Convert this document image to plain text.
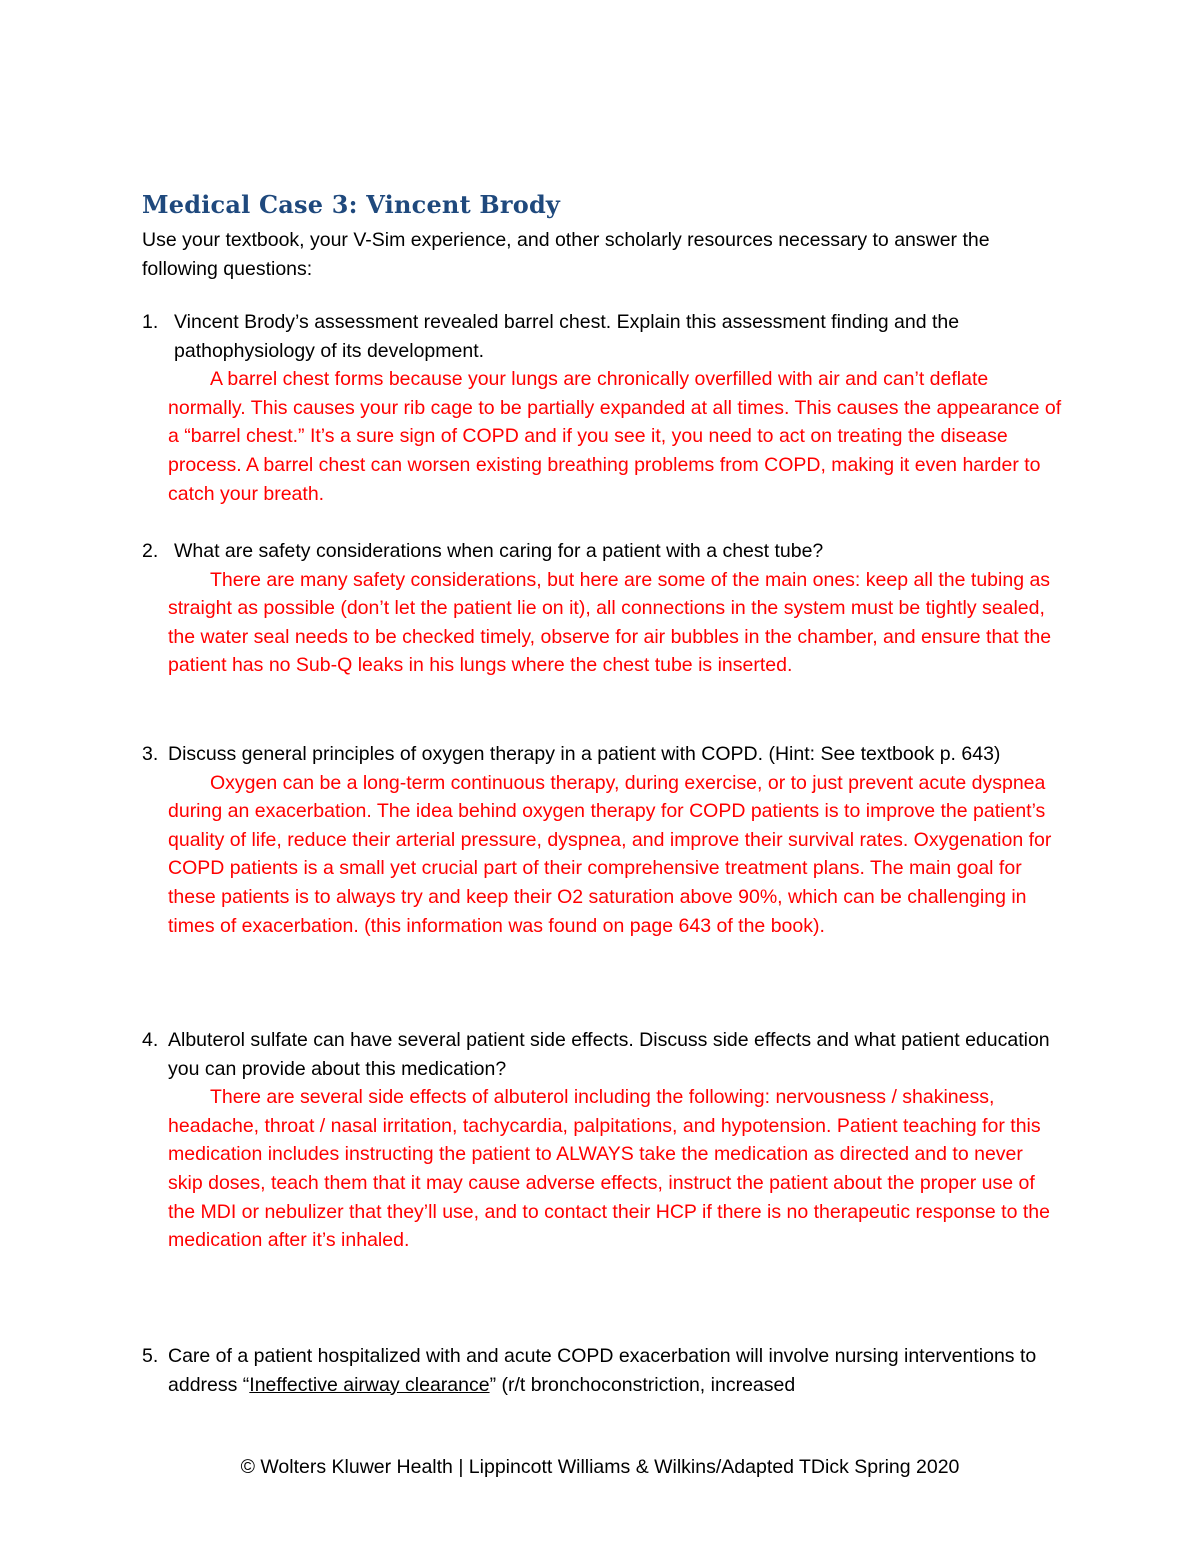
Medical Case 3: Vincent Brody
Use your textbook, your V-Sim experience, and other scholarly resources necessary to answer the following questions:
1. Vincent Brody’s assessment revealed barrel chest. Explain this assessment finding and the pathophysiology of its development.
A barrel chest forms because your lungs are chronically overfilled with air and can’t deflate normally. This causes your rib cage to be partially expanded at all times. This causes the appearance of a “barrel chest.” It’s a sure sign of COPD and if you see it, you need to act on treating the disease process. A barrel chest can worsen existing breathing problems from COPD, making it even harder to catch your breath.
2. What are safety considerations when caring for a patient with a chest tube?
There are many safety considerations, but here are some of the main ones: keep all the tubing as straight as possible (don’t let the patient lie on it), all connections in the system must be tightly sealed, the water seal needs to be checked timely, observe for air bubbles in the chamber, and ensure that the patient has no Sub-Q leaks in his lungs where the chest tube is inserted.
3. Discuss general principles of oxygen therapy in a patient with COPD. (Hint: See textbook p. 643)
Oxygen can be a long-term continuous therapy, during exercise, or to just prevent acute dyspnea during an exacerbation. The idea behind oxygen therapy for COPD patients is to improve the patient’s quality of life, reduce their arterial pressure, dyspnea, and improve their survival rates. Oxygenation for COPD patients is a small yet crucial part of their comprehensive treatment plans. The main goal for these patients is to always try and keep their O2 saturation above 90%, which can be challenging in times of exacerbation. (this information was found on page 643 of the book).
4. Albuterol sulfate can have several patient side effects. Discuss side effects and what patient education you can provide about this medication?
There are several side effects of albuterol including the following: nervousness / shakiness, headache, throat / nasal irritation, tachycardia, palpitations, and hypotension. Patient teaching for this medication includes instructing the patient to ALWAYS take the medication as directed and to never skip doses, teach them that it may cause adverse effects, instruct the patient about the proper use of the MDI or nebulizer that they’ll use, and to contact their HCP if there is no therapeutic response to the medication after it’s inhaled.
5. Care of a patient hospitalized with and acute COPD exacerbation will involve nursing interventions to address “Ineffective airway clearance” (r/t bronchoconstriction, increased
© Wolters Kluwer Health | Lippincott Williams & Wilkins/Adapted TDick Spring 2020
